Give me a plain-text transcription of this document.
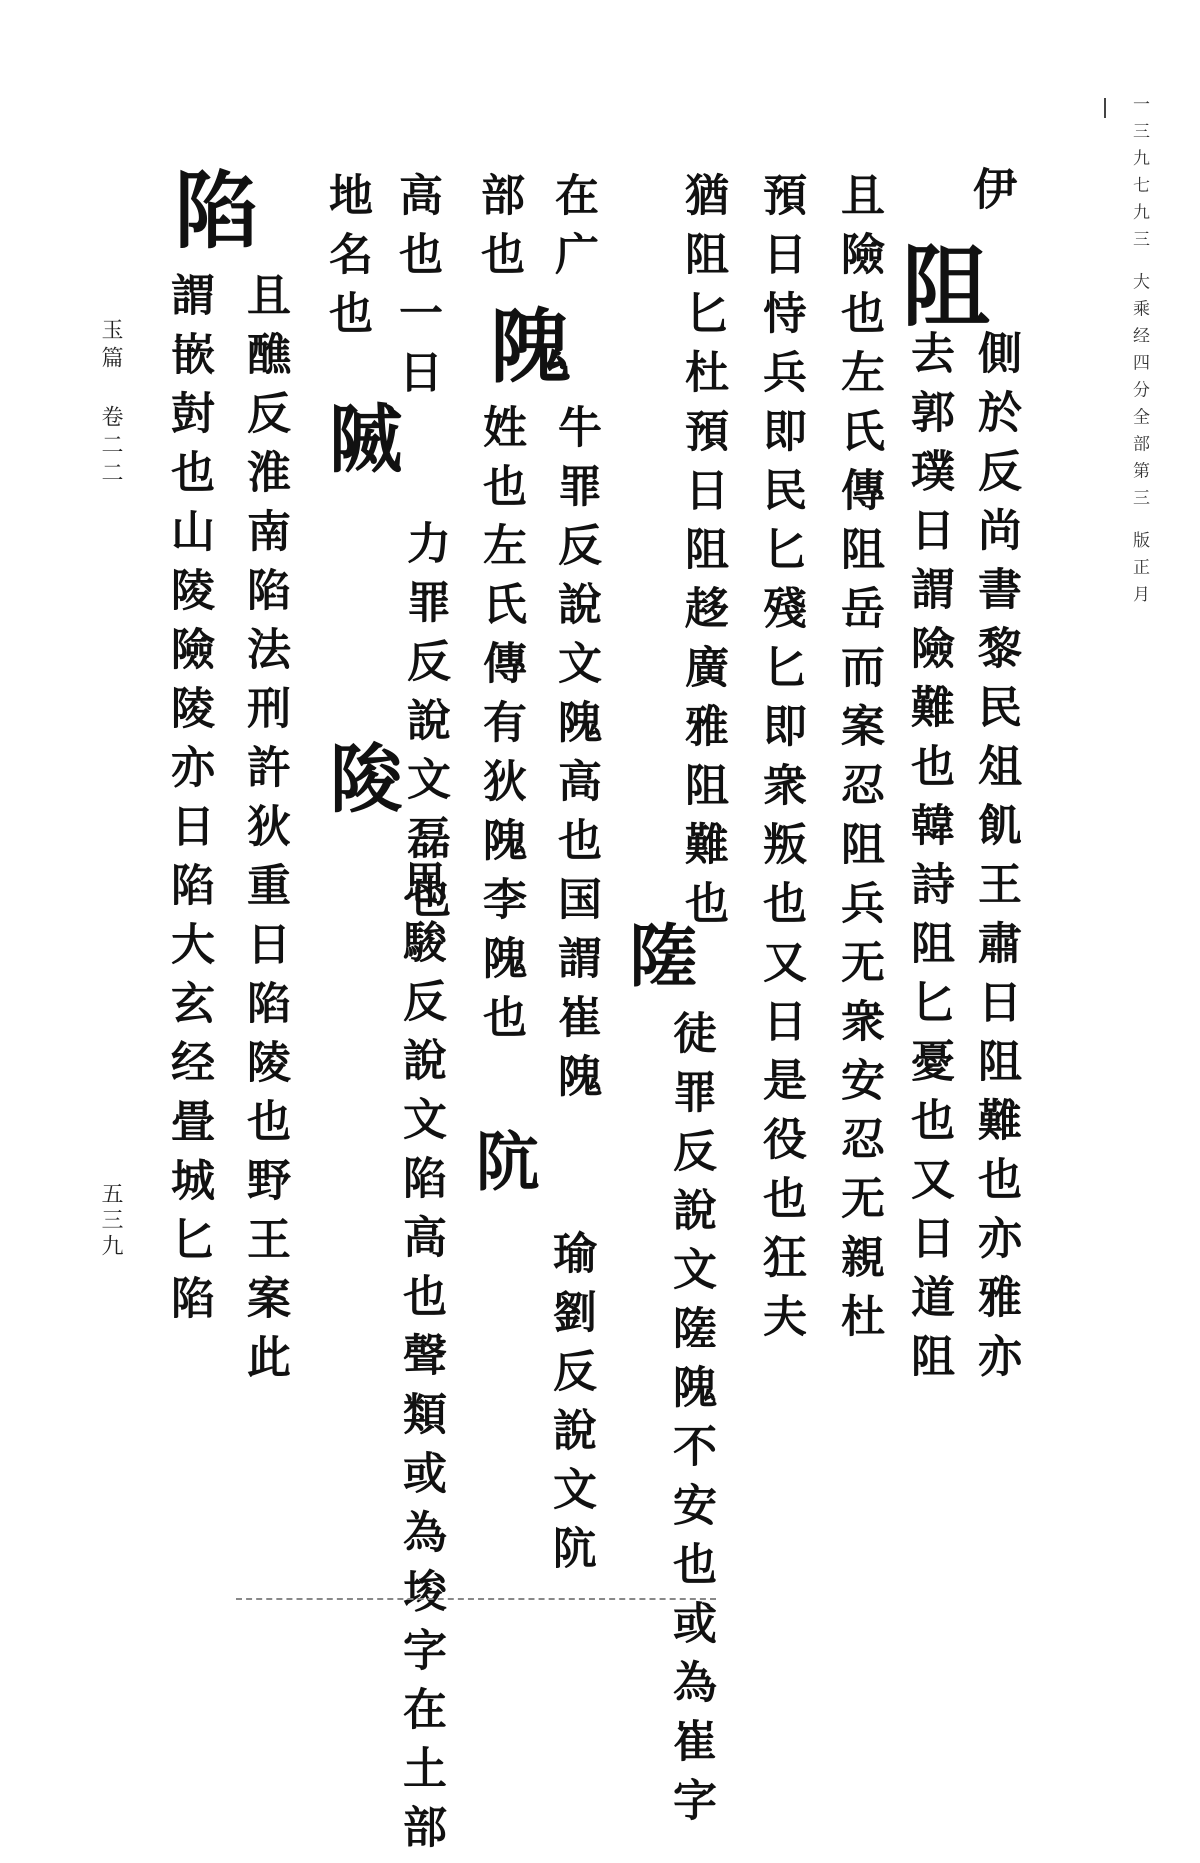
一三九七九三 大乘经四分全部第三 版正月
伊
阻
側於反尚書黎民俎飢王肅日阻難也亦雅亦
去郭璞日謂險難也韓詩阻匕憂也又日道阻
且險也左氏傳阻岳而案忍阻兵无衆安忍无親杜
預日恃兵即民匕殘匕即衆叛也又日是役也狂夫
猶阻匕杜預日阻趍廣雅阻難也
隓
徒罪反說文隓隗不安也或為崔字
在广
隗
牛罪反說文隗高也国謂崔隗
部也
姓也左氏傳有狄隗李隗也
阬
瑜劉反說文阬
高也一日
地名也
隇
力罪反說文磊也
陖
思駿反說文陷高也聲類或為埈字在土部
陷
且醮反淮南陷法刑許狄重日陷陵也野王案此
謂嵌尌也山陵險陵亦日陷大玄经畳城匕陷
玉篇 卷二二
五三九
